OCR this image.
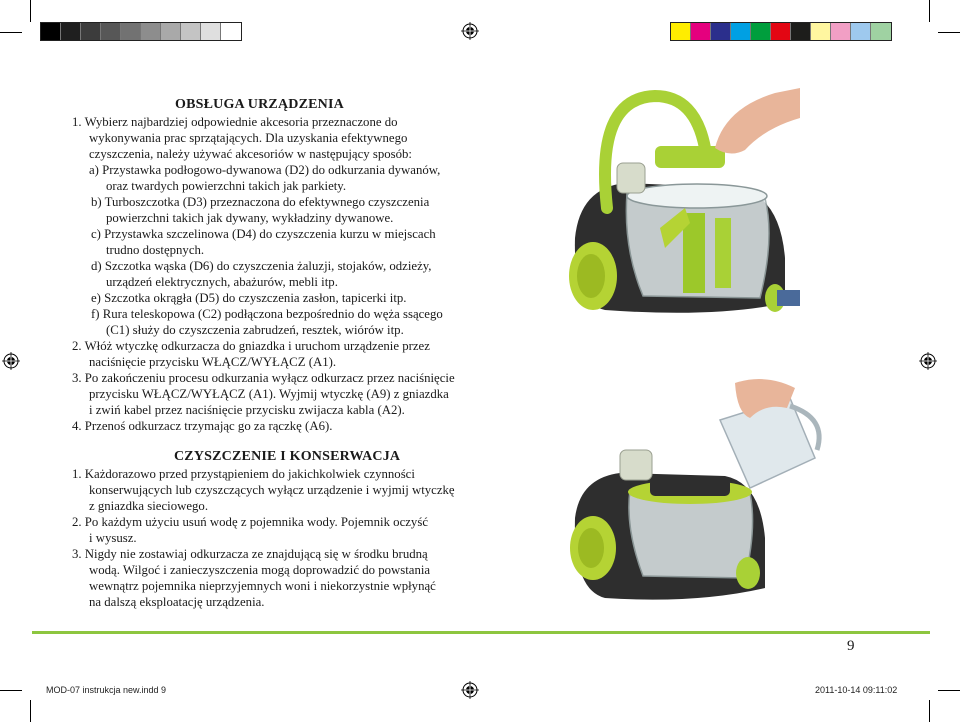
OBSŁUGA URZĄDZENIA
1. Wybierz najbardziej odpowiednie akcesoria przeznaczone do
wykonywania prac sprzątających. Dla uzyskania efektywnego
czyszczenia, należy używać akcesoriów w następujący sposób:
a) Przystawka podłogowo-dywanowa (D2) do odkurzania dywanów,
oraz twardych powierzchni takich jak parkiety.
b) Turboszczotka (D3) przeznaczona do efektywnego czyszczenia
powierzchni takich jak dywany, wykładziny dywanowe.
c) Przystawka szczelinowa (D4) do czyszczenia kurzu w miejscach
trudno dostępnych.
d) Szczotka wąska (D6) do czyszczenia żaluzji, stojaków, odzieży,
urządzeń elektrycznych, abażurów, mebli itp.
e) Szczotka okrągła (D5) do czyszczenia zasłon, tapicerki itp.
f) Rura teleskopowa (C2) podłączona bezpośrednio do węża ssącego
(C1) służy do czyszczenia zabrudzeń, resztek, wiórów itp.
2. Włóż wtyczkę odkurzacza do gniazdka i uruchom urządzenie przez
naciśnięcie przycisku WŁĄCZ/WYŁĄCZ (A1).
3. Po zakończeniu procesu odkurzania wyłącz odkurzacz przez naciśnięcie
przycisku WŁĄCZ/WYŁĄCZ (A1). Wyjmij wtyczkę (A9) z gniazdka
i zwiń kabel przez naciśnięcie przycisku zwijacza kabla (A2).
4. Przenoś odkurzacz trzymając go za rączkę (A6).
CZYSZCZENIE I KONSERWACJA
1. Każdorazowo przed przystąpieniem do jakichkolwiek czynności
konserwujących lub czyszczących wyłącz urządzenie i wyjmij wtyczkę
z gniazdka sieciowego.
2. Po każdym użyciu usuń wodę z pojemnika wody. Pojemnik oczyść
i wysusz.
3. Nigdy nie zostawiaj odkurzacza ze znajdującą się w środku brudną
wodą. Wilgoć i zanieczyszczenia mogą doprowadzić do powstania
wewnątrz pojemnika nieprzyjemnych woni i niekorzystnie wpłynąć
na dalszą eksploatację urządzenia.
9
MOD-07 instrukcja new.indd 9	2011-10-14 09:11:02
